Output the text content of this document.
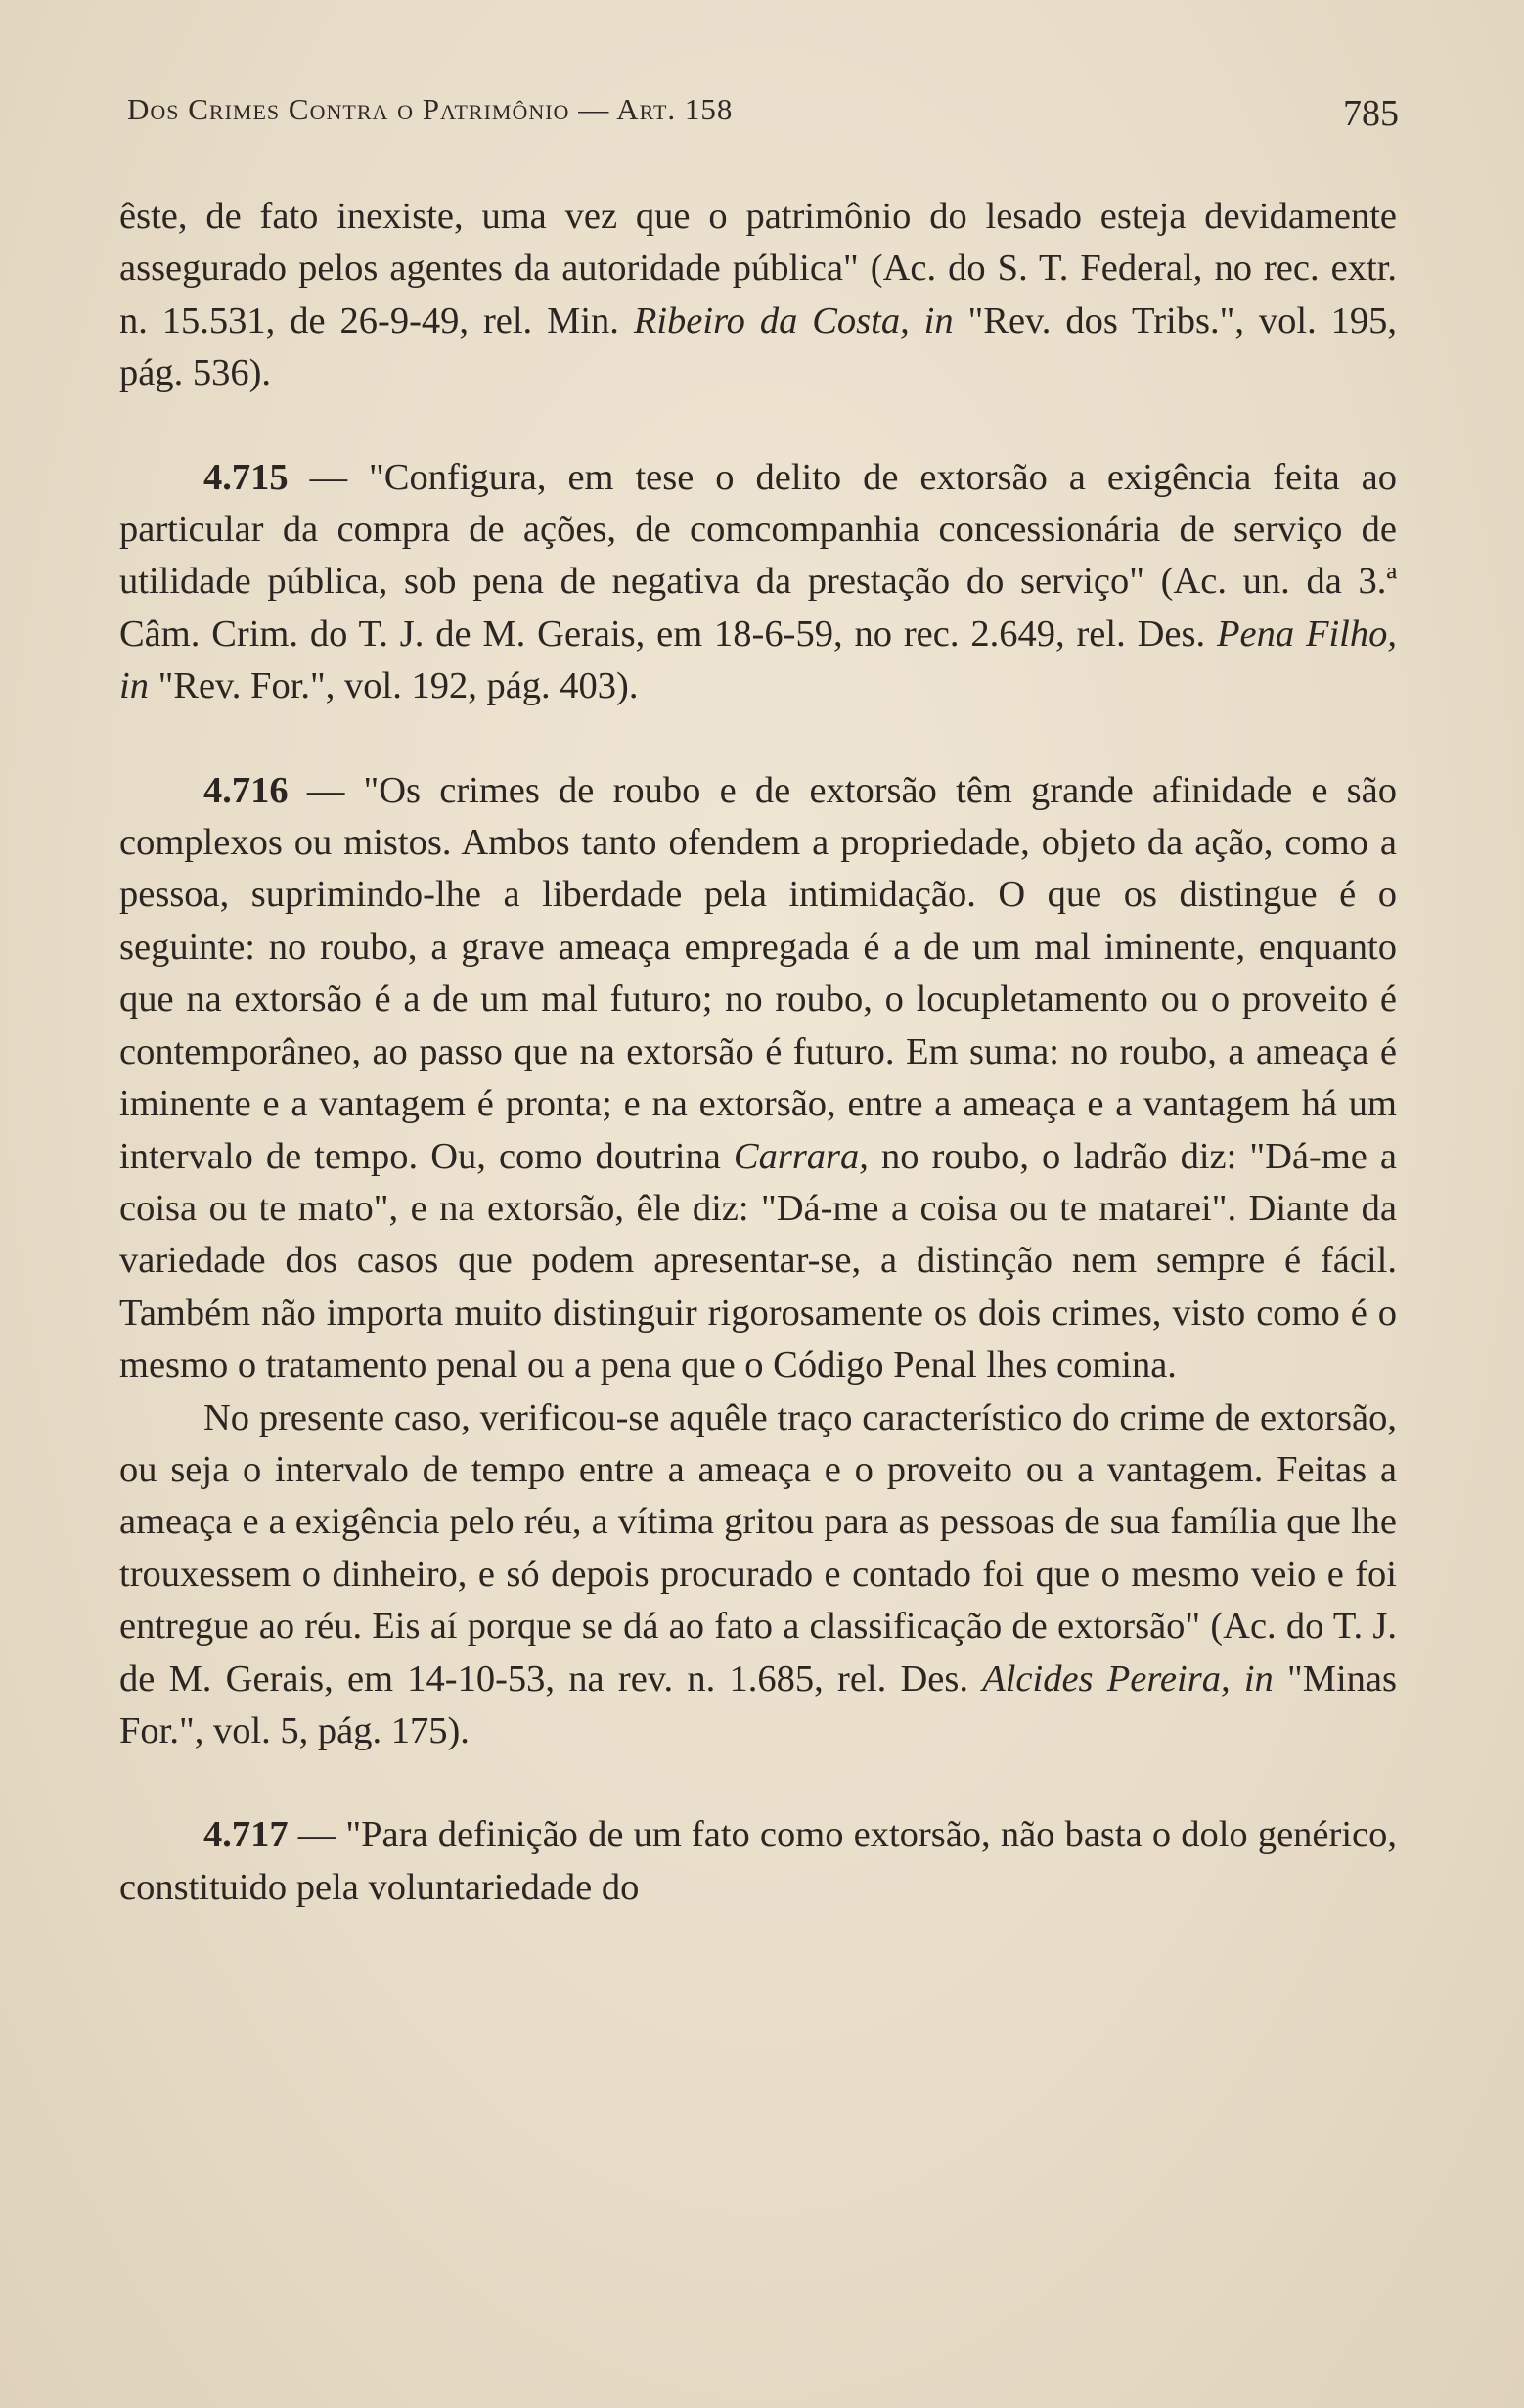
Dos Crimes Contra o Patrimônio — Art. 158	785

êste, de fato inexiste, uma vez que o patrimônio do lesado esteja devidamente assegurado pelos agentes da autoridade pública" (Ac. do S. T. Federal, no rec. extr. n. 15.531, de 26-9-49, rel. Min. Ribeiro da Costa, in "Rev. dos Tribs.", vol. 195, pág. 536).

4.715 — "Configura, em tese o delito de extorsão a exigência feita ao particular da compra de ações, de comcompanhia concessionária de serviço de utilidade pública, sob pena de negativa da prestação do serviço" (Ac. un. da 3.ª Câm. Crim. do T. J. de M. Gerais, em 18-6-59, no rec. 2.649, rel. Des. Pena Filho, in "Rev. For.", vol. 192, pág. 403).

4.716 — "Os crimes de roubo e de extorsão têm grande afinidade e são complexos ou mistos. Ambos tanto ofendem a propriedade, objeto da ação, como a pessoa, suprimindo-lhe a liberdade pela intimidação. O que os distingue é o seguinte: no roubo, a grave ameaça empregada é a de um mal iminente, enquanto que na extorsão é a de um mal futuro; no roubo, o locupletamento ou o proveito é contemporâneo, ao passo que na extorsão é futuro. Em suma: no roubo, a ameaça é iminente e a vantagem é pronta; e na extorsão, entre a ameaça e a vantagem há um intervalo de tempo. Ou, como doutrina Carrara, no roubo, o ladrão diz: "Dá-me a coisa ou te mato", e na extorsão, êle diz: "Dá-me a coisa ou te matarei". Diante da variedade dos casos que podem apresentar-se, a distinção nem sempre é fácil. Também não importa muito distinguir rigorosamente os dois crimes, visto como é o mesmo o tratamento penal ou a pena que o Código Penal lhes comina.

No presente caso, verificou-se aquêle traço característico do crime de extorsão, ou seja o intervalo de tempo entre a ameaça e o proveito ou a vantagem. Feitas a ameaça e a exigência pelo réu, a vítima gritou para as pessoas de sua família que lhe trouxessem o dinheiro, e só depois procurado e contado foi que o mesmo veio e foi entregue ao réu. Eis aí porque se dá ao fato a classificação de extorsão" (Ac. do T. J. de M. Gerais, em 14-10-53, na rev. n. 1.685, rel. Des. Alcides Pereira, in "Minas For.", vol. 5, pág. 175).

4.717 — "Para definição de um fato como extorsão, não basta o dolo genérico, constituido pela voluntariedade do
